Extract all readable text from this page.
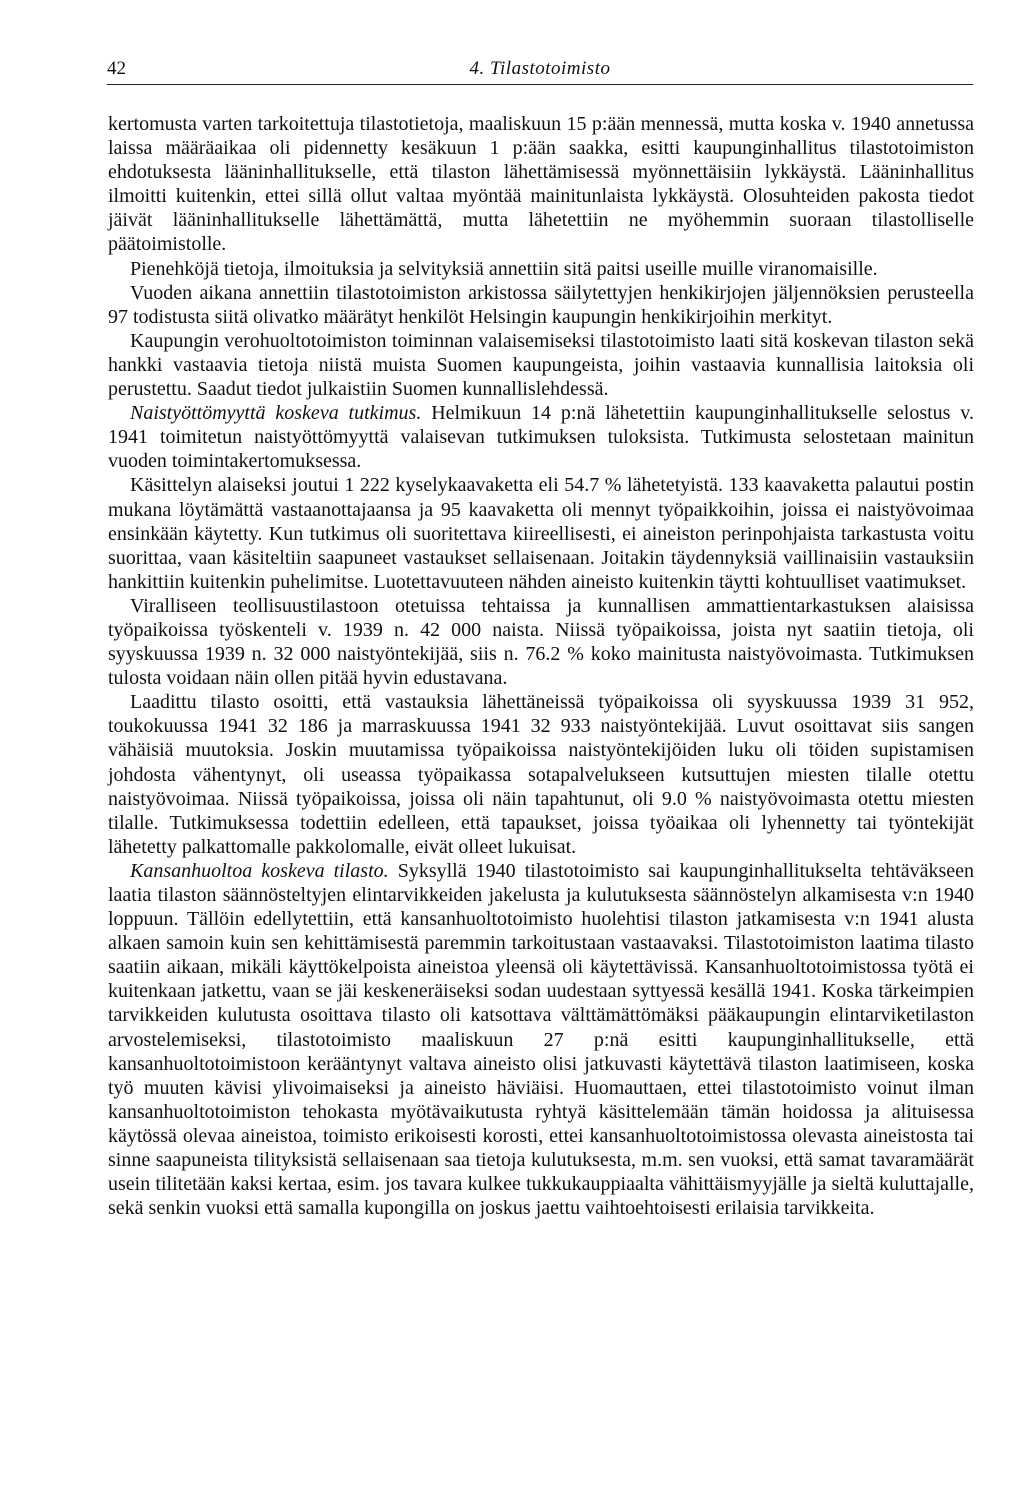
42	4. Tilastotoimisto

kertomusta varten tarkoitettuja tilastotietoja, maaliskuun 15 p:ään mennessä, mutta koska v. 1940 annetussa laissa määräaikaa oli pidennetty kesäkuun 1 p:ään saakka, esitti kaupunginhallitus tilastotoimiston ehdotuksesta lääninhallitukselle, että tilaston lähettämisessä myönnettäisiin lykkäystä. Lääninhallitus ilmoitti kuitenkin, ettei sillä ollut valtaa myöntää mainitunlaista lykkäystä. Olosuhteiden pakosta tiedot jäivät lääninhallitukselle lähettämättä, mutta lähetettiin ne myöhemmin suoraan tilastolliselle päätoimistolle.

Pienehköjä tietoja, ilmoituksia ja selvityksiä annettiin sitä paitsi useille muille viranomaisille.

Vuoden aikana annettiin tilastotoimiston arkistossa säilytettyjen henkikirjojen jäljennöksien perusteella 97 todistusta siitä olivatko määrätyt henkilöt Helsingin kaupungin henkikirjoihin merkityt.

Kaupungin verohuoltotoimiston toiminnan valaisemiseksi tilastotoimisto laati sitä koskevan tilaston sekä hankki vastaavia tietoja niistä muista Suomen kaupungeista, joihin vastaavia kunnallisia laitoksia oli perustettu. Saadut tiedot julkaistiin Suomen kunnallislehdessä.

Naistyöttömyyttä koskeva tutkimus. Helmikuun 14 p:nä lähetettiin kaupunginhallitukselle selostus v. 1941 toimitetun naistyöttömyyttä valaisevan tutkimuksen tuloksista. Tutkimusta selostetaan mainitun vuoden toimintakertomuksessa.

Käsittelyn alaiseksi joutui 1 222 kyselykaavaketta eli 54.7 % lähetetyistä. 133 kaavaketta palautui postin mukana löytämättä vastaanottajaansa ja 95 kaavaketta oli mennyt työpaikkoihin, joissa ei naistyövoimaa ensinkään käytetty. Kun tutkimus oli suoritettava kiireellisesti, ei aineiston perinpohjaista tarkastusta voitu suorittaa, vaan käsiteltiin saapuneet vastaukset sellaisenaan. Joitakin täydennyksiä vaillinaisiin vastauksiin hankittiin kuitenkin puhelimitse. Luotettavuuteen nähden aineisto kuitenkin täytti kohtuulliset vaatimukset.

Viralliseen teollisuustilastoon otetuissa tehtaissa ja kunnallisen ammattientarkastuksen alaisissa työpaikoissa työskenteli v. 1939 n. 42 000 naista. Niissä työpaikoissa, joista nyt saatiin tietoja, oli syyskuussa 1939 n. 32 000 naistyöntekijää, siis n. 76.2 % koko mainitusta naistyövoimasta. Tutkimuksen tulosta voidaan näin ollen pitää hyvin edustavana.

Laadittu tilasto osoitti, että vastauksia lähettäneissä työpaikoissa oli syyskuussa 1939 31 952, toukokuussa 1941 32 186 ja marraskuussa 1941 32 933 naistyöntekijää. Luvut osoittavat siis sangen vähäisiä muutoksia. Joskin muutamissa työpaikoissa naistyöntekijöiden luku oli töiden supistamisen johdosta vähentynyt, oli useassa työpaikassa sotapalvelukseen kutsuttujen miesten tilalle otettu naistyövoimaa. Niissä työpaikoissa, joissa oli näin tapahtunut, oli 9.0 % naistyövoimasta otettu miesten tilalle. Tutkimuksessa todettiin edelleen, että tapaukset, joissa työaikaa oli lyhennetty tai työntekijät lähetetty palkattomalle pakkolomalle, eivät olleet lukuisat.

Kansanhuoltoa koskeva tilasto. Syksyllä 1940 tilastotoimisto sai kaupunginhallitukselta tehtäväkseen laatia tilaston säännösteltyjen elintarvikkeiden jakelusta ja kulutuksesta säännöstelyn alkamisesta v:n 1940 loppuun. Tällöin edellytettiin, että kansanhuoltotoimisto huolehtisi tilaston jatkamisesta v:n 1941 alusta alkaen samoin kuin sen kehittämisestä paremmin tarkoitustaan vastaavaksi. Tilastotoimiston laatima tilasto saatiin aikaan, mikäli käyttökelpoista aineistoa yleensä oli käytettävissä. Kansanhuoltotoimistossa työtä ei kuitenkaan jatkettu, vaan se jäi keskeneräiseksi sodan uudestaan syttyessä kesällä 1941. Koska tärkeimpien tarvikkeiden kulutusta osoittava tilasto oli katsottava välttämättömäksi pääkaupungin elintarviketilaston arvostelemiseksi, tilastotoimisto maaliskuun 27 p:nä esitti kaupunginhallitukselle, että kansanhuoltotoimistoon kerääntynyt valtava aineisto olisi jatkuvasti käytettävä tilaston laatimiseen, koska työ muuten kävisi ylivoimaiseksi ja aineisto häviäisi. Huomauttaen, ettei tilastotoimisto voinut ilman kansanhuoltotoimiston tehokasta myötävaikutusta ryhtyä käsittelemään tämän hoidossa ja alituisessa käytössä olevaa aineistoa, toimisto erikoisesti korosti, ettei kansanhuoltotoimistossa olevasta aineistosta tai sinne saapuneista tilityksistä sellaisenaan saa tietoja kulutuksesta, m.m. sen vuoksi, että samat tavaramäärät usein tilitetään kaksi kertaa, esim. jos tavara kulkee tukkukauppiaalta vähittäismyyjälle ja sieltä kuluttajalle, sekä senkin vuoksi että samalla kupongilla on joskus jaettu vaihtoehtoisesti erilaisia tarvikkeita.
